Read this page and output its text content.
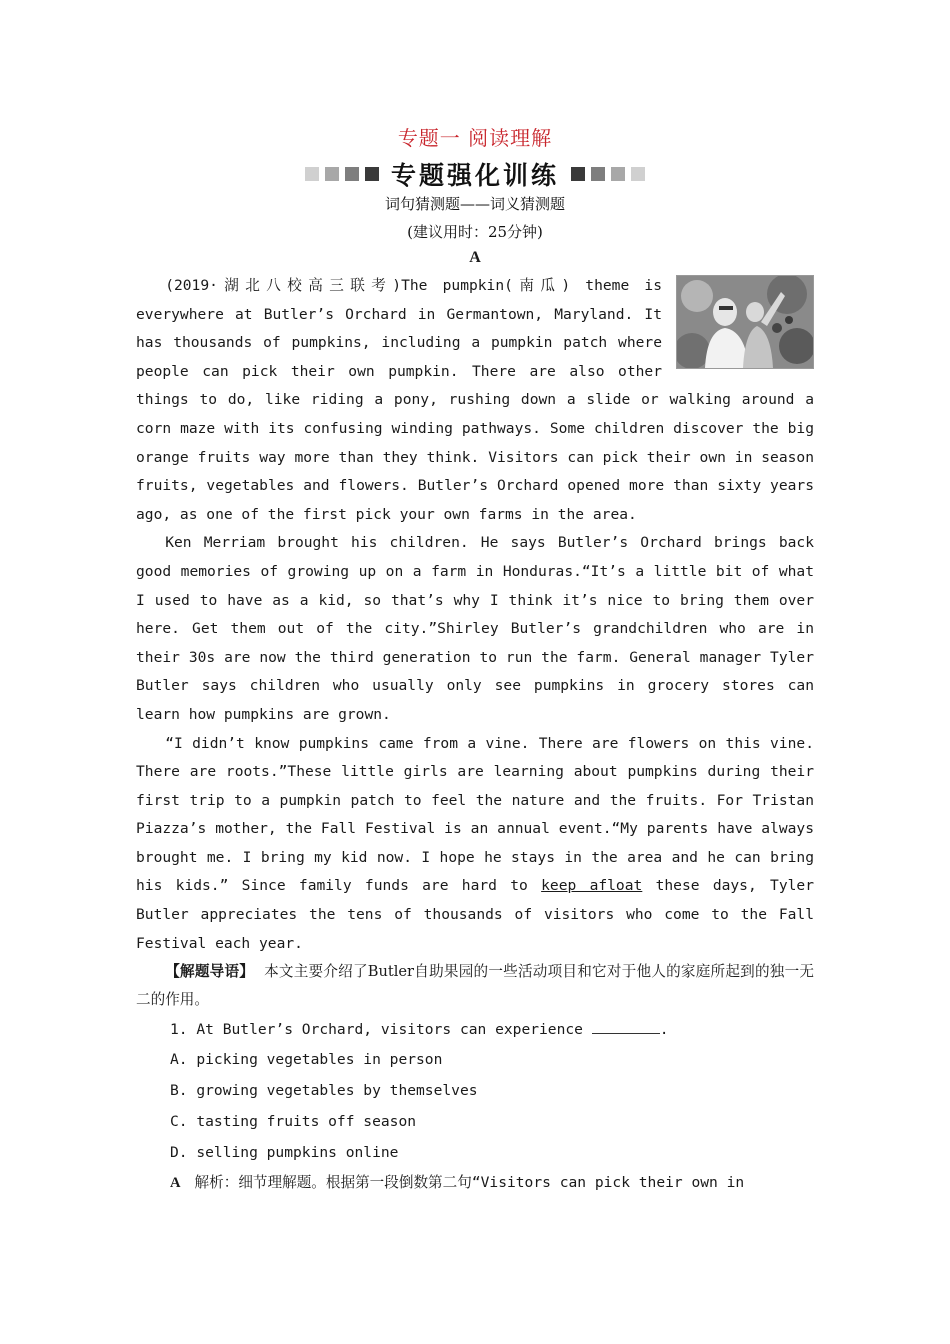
专题一 阅读理解
专题强化训练
词句猜测题——词义猜测题
(建议用时：25分钟)
A

(2019·湖北八校高三联考)The pumpkin(南瓜) theme is everywhere at Butler’s Orchard in Germantown, Maryland. It has thousands of pumpkins, including a pumpkin patch where people can pick their own pumpkin. There are also other things to do, like riding a pony, rushing down a slide or walking around a corn maze with its confusing winding pathways. Some children discover the big orange fruits way more than they think. Visitors can pick their own in season fruits, vegetables and flowers. Butler’s Orchard opened more than sixty years ago, as one of the first pick your own farms in the area.

Ken Merriam brought his children. He says Butler’s Orchard brings back good memories of growing up on a farm in Honduras.“It’s a little bit of what I used to have as a kid, so that’s why I think it’s nice to bring them over here. Get them out of the city.”Shirley Butler’s grandchildren who are in their 30s are now the third generation to run the farm. General manager Tyler Butler says children who usually only see pumpkins in grocery stores can learn how pumpkins are grown.

“I didn’t know pumpkins came from a vine. There are flowers on this vine. There are roots.”These little girls are learning about pumpkins during their first trip to a pumpkin patch to feel the nature and the fruits. For Tristan Piazza’s mother, the Fall Festival is an annual event.“My parents have always brought me. I bring my kid now. I hope he stays in the area and he can bring his kids.” Since family funds are hard to keep afloat these days, Tyler Butler appreciates the tens of thousands of visitors who come to the Fall Festival each year.

【解题导语】 本文主要介绍了Butler自助果园的一些活动项目和它对于他人的家庭所起到的独一无二的作用。

1. At Butler’s Orchard, visitors can experience	.
A. picking vegetables in person
B. growing vegetables by themselves
C. tasting fruits off season
D. selling pumpkins online
A 解析：细节理解题。根据第一段倒数第二句“Visitors can pick their own in
